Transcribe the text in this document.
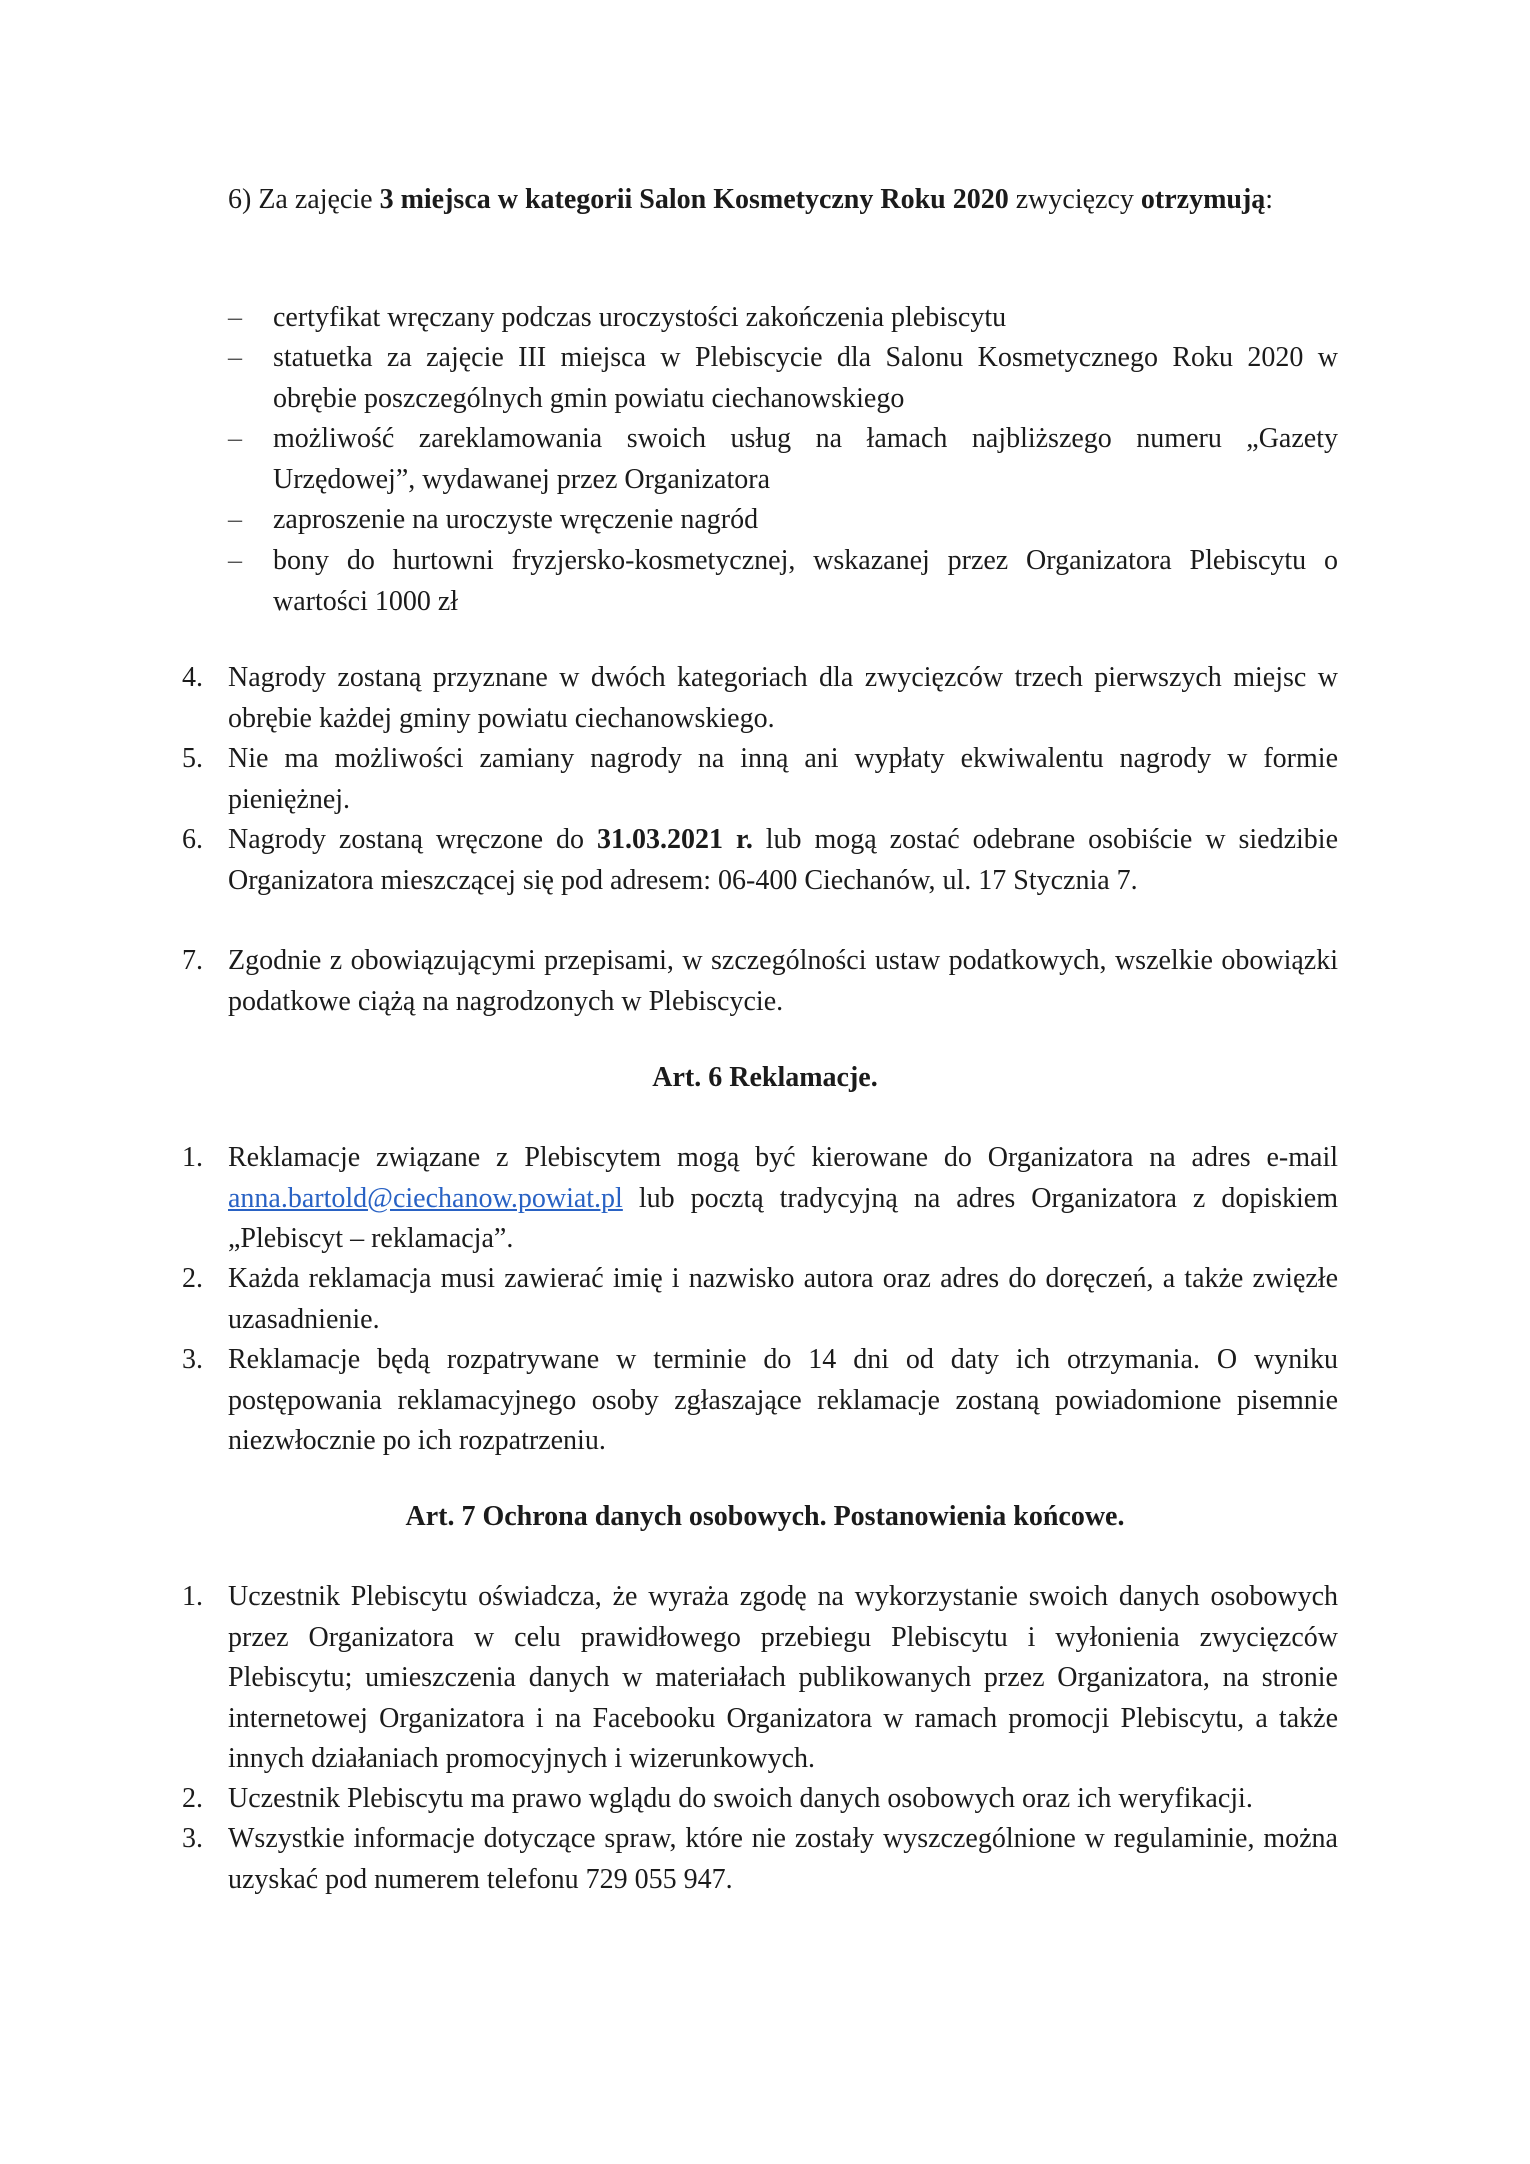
6) Za zajęcie 3 miejsca w kategorii Salon Kosmetyczny Roku 2020 zwycięzcy otrzymują:

– certyfikat wręczany podczas uroczystości zakończenia plebiscytu

– statuetka za zajęcie III miejsca w Plebiscycie dla Salonu Kosmetycznego Roku 2020 w obrębie poszczególnych gmin powiatu ciechanowskiego

– możliwość zareklamowania swoich usług na łamach najbliższego numeru „Gazety Urzędowej”, wydawanej przez Organizatora

– zaproszenie na uroczyste wręczenie nagród

– bony do hurtowni fryzjersko-kosmetycznej, wskazanej przez Organizatora Plebiscytu o wartości 1000 zł

4. Nagrody zostaną przyznane w dwóch kategoriach dla zwycięzców trzech pierwszych miejsc w obrębie każdej gminy powiatu ciechanowskiego.

5. Nie ma możliwości zamiany nagrody na inną ani wypłaty ekwiwalentu nagrody w formie pieniężnej.

6. Nagrody zostaną wręczone do 31.03.2021 r. lub mogą zostać odebrane osobiście w siedzibie Organizatora mieszczącej się pod adresem: 06-400 Ciechanów, ul. 17 Stycznia 7.

7. Zgodnie z obowiązującymi przepisami, w szczególności ustaw podatkowych, wszelkie obowiązki podatkowe ciążą na nagrodzonych w Plebiscycie.

Art. 6 Reklamacje.
1. Reklamacje związane z Plebiscytem mogą być kierowane do Organizatora na adres e-mail anna.bartold@ciechanow.powiat.pl lub pocztą tradycyjną na adres Organizatora z dopiskiem „Plebiscyt – reklamacja”.

2. Każda reklamacja musi zawierać imię i nazwisko autora oraz adres do doręczeń, a także zwięzłe uzasadnienie.

3. Reklamacje będą rozpatrywane w terminie do 14 dni od daty ich otrzymania. O wyniku postępowania reklamacyjnego osoby zgłaszające reklamacje zostaną powiadomione pisemnie niezwłocznie po ich rozpatrzeniu.

Art. 7 Ochrona danych osobowych. Postanowienia końcowe.
1. Uczestnik Plebiscytu oświadcza, że wyraża zgodę na wykorzystanie swoich danych osobowych przez Organizatora w celu prawidłowego przebiegu Plebiscytu i wyłonienia zwycięzców Plebiscytu; umieszczenia danych w materiałach publikowanych przez Organizatora, na stronie internetowej Organizatora i na Facebooku Organizatora w ramach promocji Plebiscytu, a także innych działaniach promocyjnych i wizerunkowych.

2. Uczestnik Plebiscytu ma prawo wglądu do swoich danych osobowych oraz ich weryfikacji.

3. Wszystkie informacje dotyczące spraw, które nie zostały wyszczególnione w regulaminie, można uzyskać pod numerem telefonu 729 055 947.
